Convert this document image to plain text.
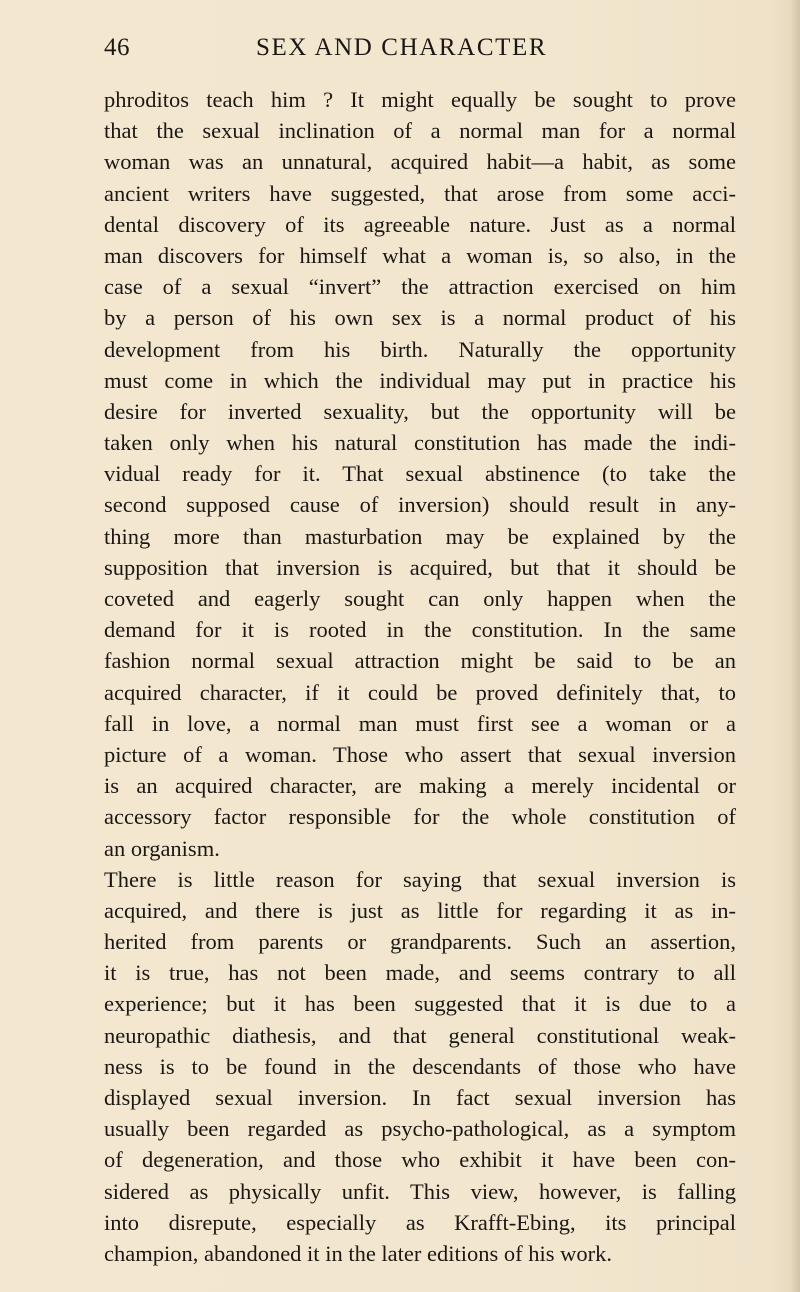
46	SEX AND CHARACTER
phroditos teach him ? It might equally be sought to prove
that the sexual inclination of a normal man for a normal
woman was an unnatural, acquired habit—a habit, as some
ancient writers have suggested, that arose from some acci-
dental discovery of its agreeable nature. Just as a normal
man discovers for himself what a woman is, so also, in the
case of a sexual “invert” the attraction exercised on him
by a person of his own sex is a normal product of his
development from his birth. Naturally the opportunity
must come in which the individual may put in practice his
desire for inverted sexuality, but the opportunity will be
taken only when his natural constitution has made the indi-
vidual ready for it. That sexual abstinence (to take the
second supposed cause of inversion) should result in any-
thing more than masturbation may be explained by the
supposition that inversion is acquired, but that it should be
coveted and eagerly sought can only happen when the
demand for it is rooted in the constitution. In the same
fashion normal sexual attraction might be said to be an
acquired character, if it could be proved definitely that, to
fall in love, a normal man must first see a woman or a
picture of a woman. Those who assert that sexual inversion
is an acquired character, are making a merely incidental or
accessory factor responsible for the whole constitution of
an organism.
There is little reason for saying that sexual inversion is
acquired, and there is just as little for regarding it as in-
herited from parents or grandparents. Such an assertion,
it is true, has not been made, and seems contrary to all
experience; but it has been suggested that it is due to a
neuropathic diathesis, and that general constitutional weak-
ness is to be found in the descendants of those who have
displayed sexual inversion. In fact sexual inversion has
usually been regarded as psycho-pathological, as a symptom
of degeneration, and those who exhibit it have been con-
sidered as physically unfit. This view, however, is falling
into disrepute, especially as Krafft-Ebing, its principal
champion, abandoned it in the later editions of his work.
